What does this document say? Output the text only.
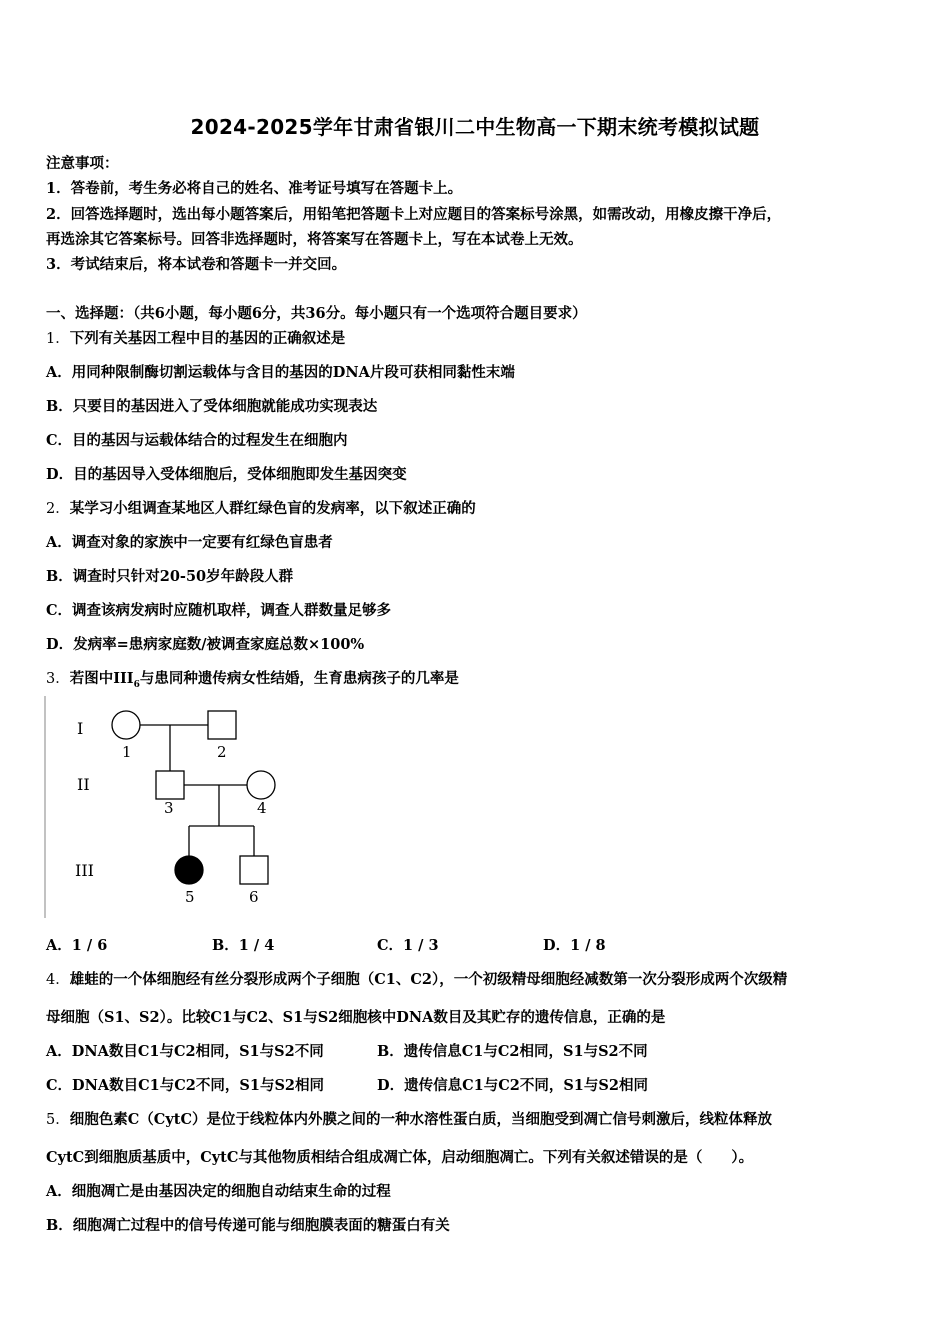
2024-2025学年甘肃省银川二中生物高一下期末统考模拟试题
注意事项：
1．答卷前，考生务必将自己的姓名、准考证号填写在答题卡上。
2．回答选择题时，选出每小题答案后，用铅笔把答题卡上对应题目的答案标号涂黑，如需改动，用橡皮擦干净后，
再选涂其它答案标号。回答非选择题时，将答案写在答题卡上，写在本试卷上无效。
3．考试结束后，将本试卷和答题卡一并交回。
一、选择题：（共6小题，每小题6分，共36分。每小题只有一个选项符合题目要求）
1．下列有关基因工程中目的基因的正确叙述是
A．用同种限制酶切割运载体与含目的基因的DNA片段可获相同黏性末端
B．只要目的基因进入了受体细胞就能成功实现表达
C．目的基因与运载体结合的过程发生在细胞内
D．目的基因导入受体细胞后，受体细胞即发生基因突变
2．某学习小组调查某地区人群红绿色盲的发病率，以下叙述正确的
A．调查对象的家族中一定要有红绿色盲患者
B．调查时只针对20-50岁年龄段人群
C．调查该病发病时应随机取样，调查人群数量足够多
D．发病率=患病家庭数/被调查家庭总数×100%
3．若图中$III_6$与患同种遗传病女性结婚，生育患病孩子的几率是
I
II
III
1	2
3	4
5	6
A．1 / 6	B．1 / 4	C．1 / 3	D．1 / 8
4．雄蛙的一个体细胞经有丝分裂形成两个子细胞（C1、C2），一个初级精母细胞经减数第一次分裂形成两个次级精
母细胞（S1、S2）。比较C1与C2、S1与S2细胞核中DNA数目及其贮存的遗传信息，正确的是
A．DNA数目C1与C2相同，S1与S2不同	B．遗传信息C1与C2相同，S1与S2不同
C．DNA数目C1与C2不同，S1与S2相同	D．遗传信息C1与C2不同，S1与S2相同
5．细胞色素C（CytC）是位于线粒体内外膜之间的一种水溶性蛋白质，当细胞受到凋亡信号刺激后，线粒体释放
CytC到细胞质基质中，CytC与其他物质相结合组成凋亡体，启动细胞凋亡。下列有关叙述错误的是（　　）。
A．细胞凋亡是由基因决定的细胞自动结束生命的过程
B．细胞凋亡过程中的信号传递可能与细胞膜表面的糖蛋白有关
